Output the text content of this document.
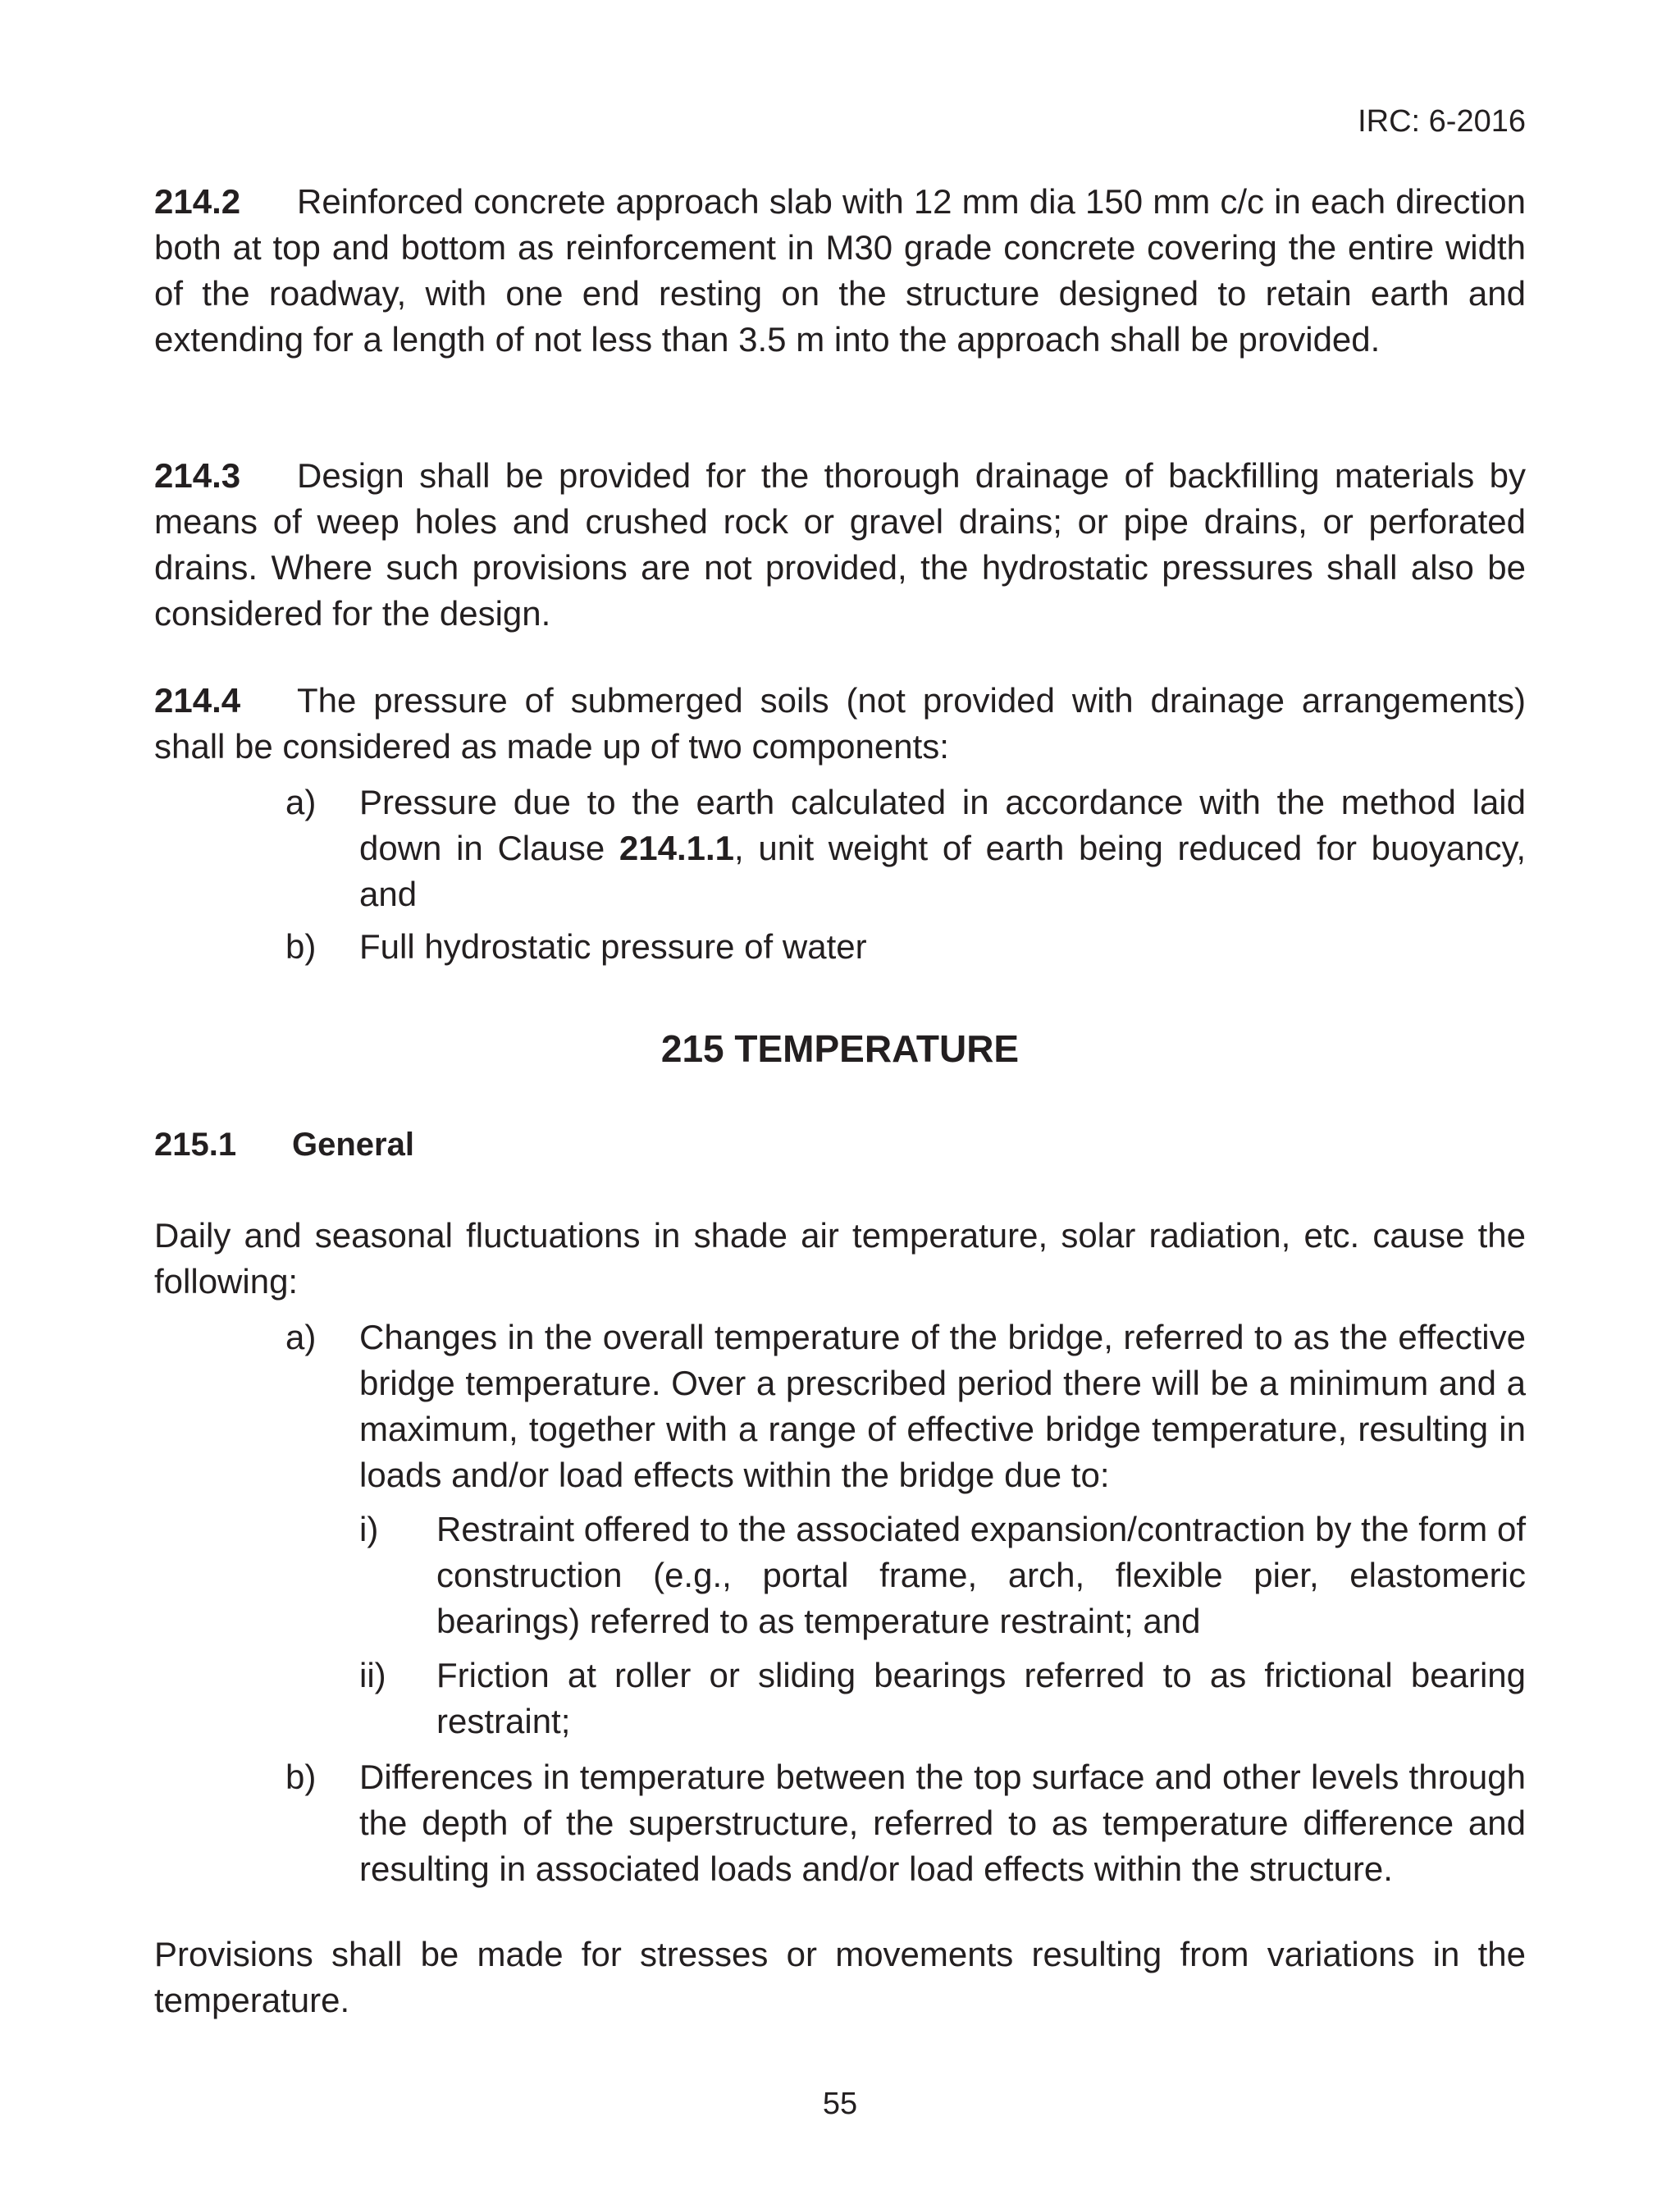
IRC: 6-2016
214.2 Reinforced concrete approach slab with 12 mm dia 150 mm c/c in each direction both at top and bottom as reinforcement in M30 grade concrete covering the entire width of the roadway, with one end resting on the structure designed to retain earth and extending for a length of not less than 3.5 m into the approach shall be provided.
214.3 Design shall be provided for the thorough drainage of backfilling materials by means of weep holes and crushed rock or gravel drains; or pipe drains, or perforated drains. Where such provisions are not provided, the hydrostatic pressures shall also be considered for the design.
214.4 The pressure of submerged soils (not provided with drainage arrangements) shall be considered as made up of two components:
a) Pressure due to the earth calculated in accordance with the method laid down in Clause 214.1.1, unit weight of earth being reduced for buoyancy, and
b) Full hydrostatic pressure of water
215 TEMPERATURE
215.1 General
Daily and seasonal fluctuations in shade air temperature, solar radiation, etc. cause the following:
a) Changes in the overall temperature of the bridge, referred to as the effective bridge temperature. Over a prescribed period there will be a minimum and a maximum, together with a range of effective bridge temperature, resulting in loads and/or load effects within the bridge due to:
i) Restraint offered to the associated expansion/contraction by the form of construction (e.g., portal frame, arch, flexible pier, elastomeric bearings) referred to as temperature restraint; and
ii) Friction at roller or sliding bearings referred to as frictional bearing restraint;
b) Differences in temperature between the top surface and other levels through the depth of the superstructure, referred to as temperature difference and resulting in associated loads and/or load effects within the structure.
Provisions shall be made for stresses or movements resulting from variations in the temperature.
55
